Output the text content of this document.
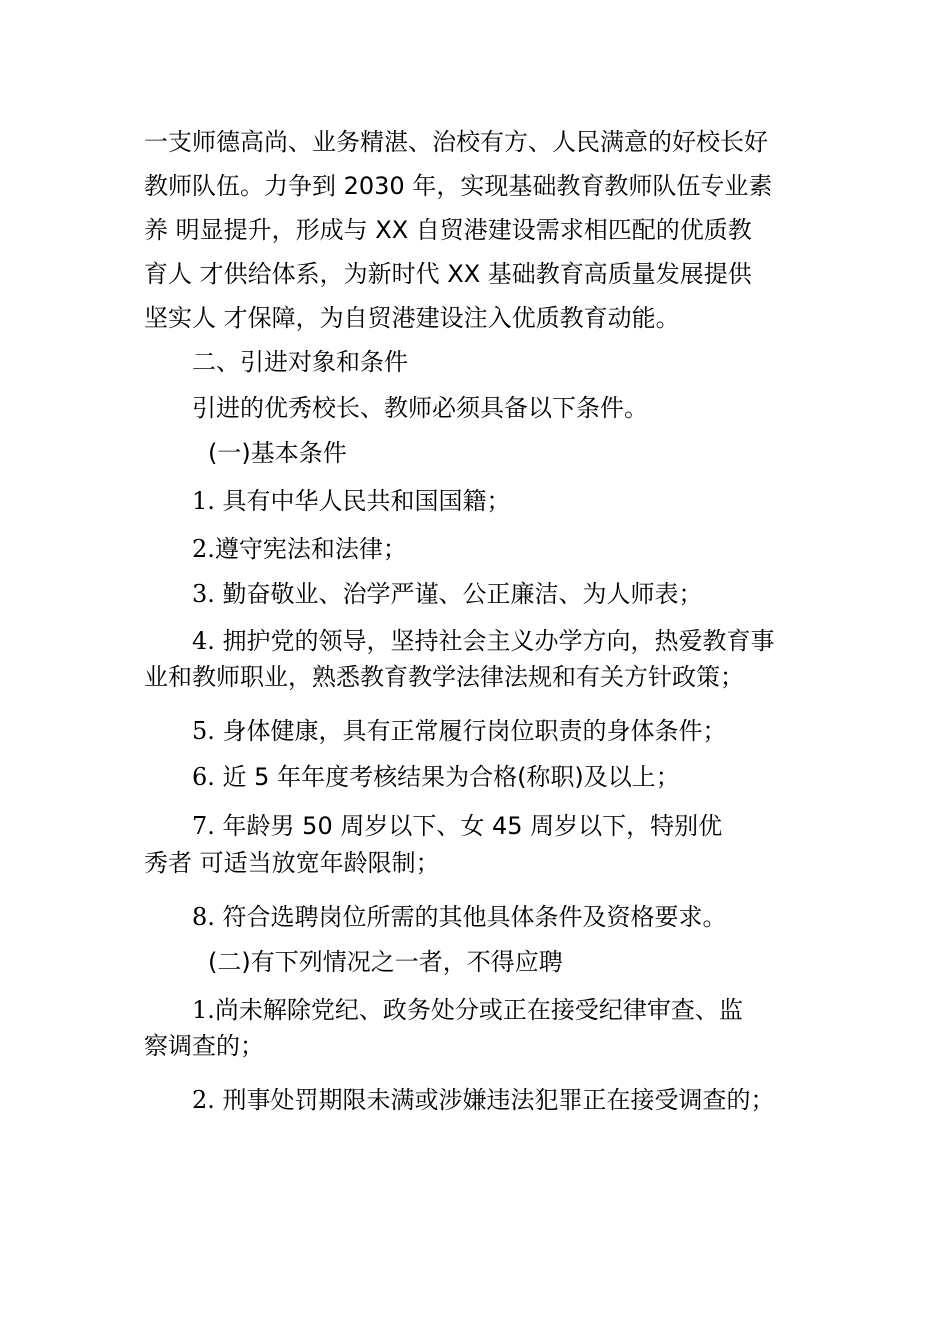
一支师德高尚、业务精湛、治校有方、人民满意的好校长好
教师队伍。力争到 2030 年，实现基础教育教师队伍专业素
养 明显提升，形成与 XX 自贸港建设需求相匹配的优质教
育人 才供给体系，为新时代 XX 基础教育高质量发展提供
坚实人 才保障，为自贸港建设注入优质教育动能。
二、引进对象和条件
引进的优秀校长、教师必须具备以下条件。
(一)基本条件
1. 具有中华人民共和国国籍；
2.遵守宪法和法律；
3. 勤奋敬业、治学严谨、公正廉洁、为人师表；
4. 拥护党的领导，坚持社会主义办学方向，热爱教育事
业和教师职业，熟悉教育教学法律法规和有关方针政策；
5. 身体健康，具有正常履行岗位职责的身体条件；
6. 近 5 年年度考核结果为合格(称职)及以上；
7. 年龄男 50 周岁以下、女 45 周岁以下，特别优
秀者 可适当放宽年龄限制；
8. 符合选聘岗位所需的其他具体条件及资格要求。
(二)有下列情况之一者，不得应聘
1.尚未解除党纪、政务处分或正在接受纪律审查、监
察调查的；
2. 刑事处罚期限未满或涉嫌违法犯罪正在接受调查的；
